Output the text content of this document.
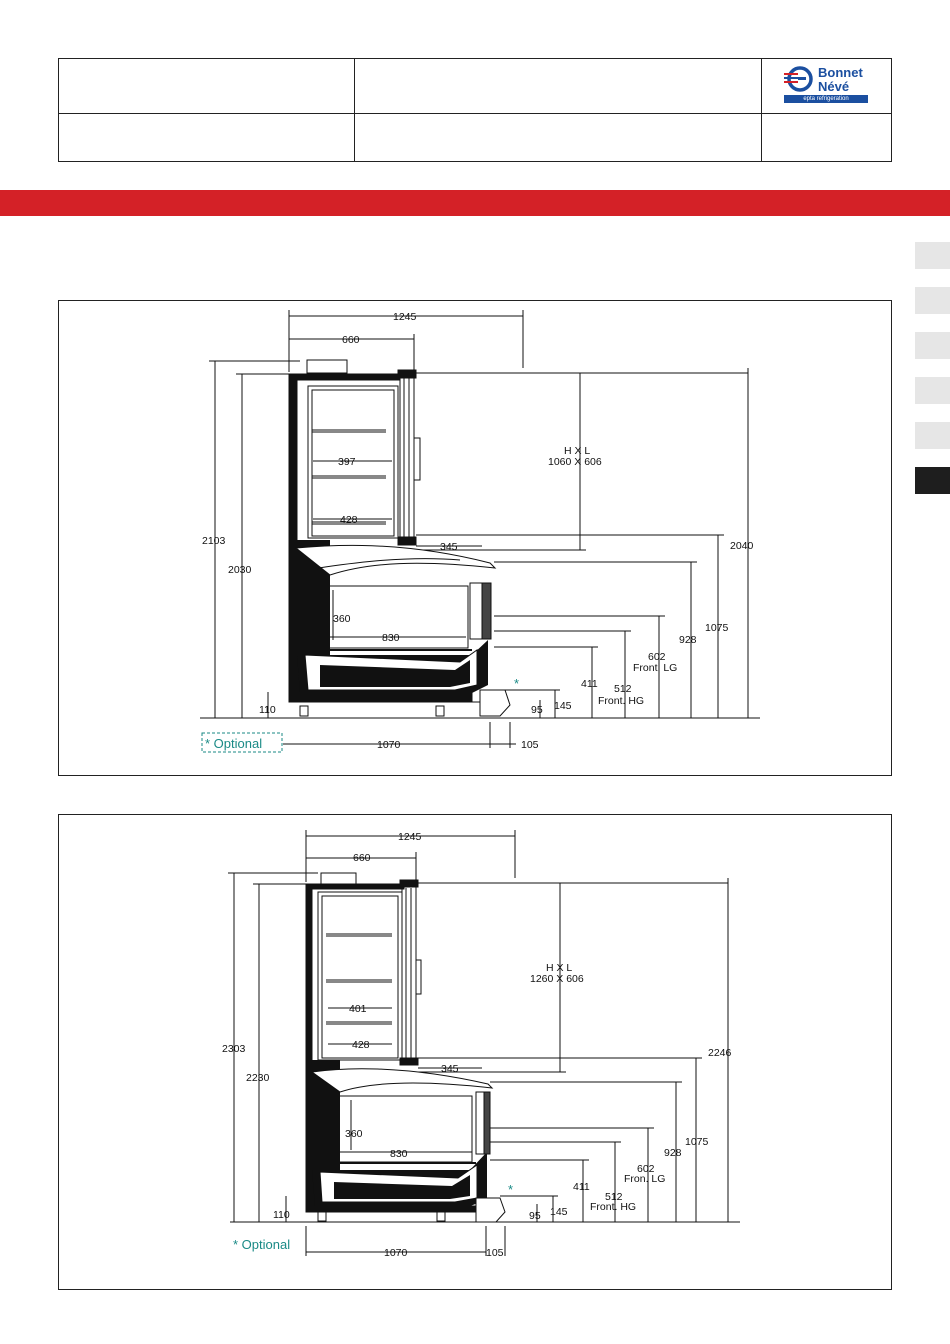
Bonnet
Névé
epta refrigeration
1245
660
2103
2030
2040
397
428
H X L
1060 X 606
345
360
830
1075
928
602
Front. LG
512
Front. HG
411
145
95
110
1070	105
*
* Optional
1245
660
2303
2230
2246
401
428
H X L
1260 X 606
345
360
830
1075
928
602
Fron. LG
512
Front. HG
411
145
95
110
1070	105
*
* Optional
